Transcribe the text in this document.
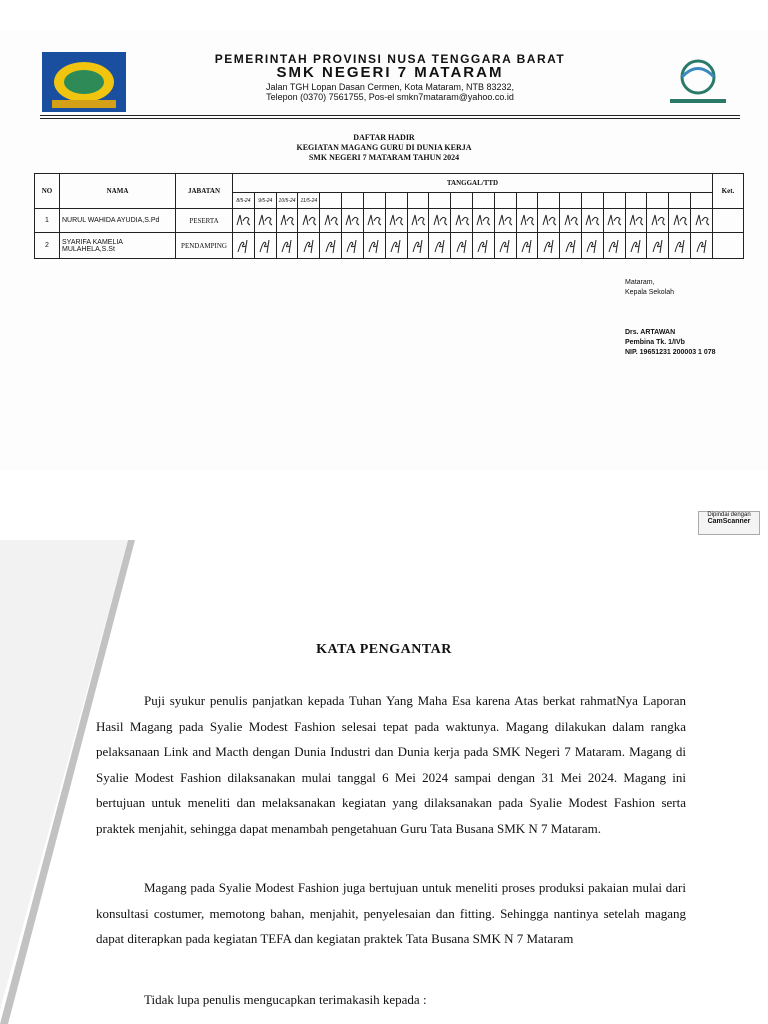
PEMERINTAH PROVINSI NUSA TENGGARA BARAT
SMK NEGERI 7 MATARAM
Jalan TGH Lopan Dasan Cermen, Kota Mataram, NTB 83232,
Telepon (0370) 7561755, Pos-el smkn7mataram@yahoo.co.id
DAFTAR HADIR
KEGIATAN MAGANG GURU DI DUNIA KERJA
SMK NEGERI 7 MATARAM TAHUN 2024
NO	NAMA	JABATAN	TANGGAL/TTD																						Ket.
			8/5-24	9/5-24	10/5-24	11/5-24																			
1	NURUL WAHIDA AYUDIA,S.Pd	PESERTA																							
2	SYARIFA KAMELIA MULAHELA,S.St	PENDAMPING																							
Mataram,
Kepala Sekolah
Drs. ARTAWAN
Pembina Tk. 1/IVb
NIP. 19651231 200003 1 078
Dipindai dengan
CamScanner
KATA PENGANTAR
Puji syukur penulis panjatkan kepada Tuhan Yang Maha Esa karena Atas berkat rahmatNya Laporan Hasil Magang pada Syalie Modest Fashion selesai tepat pada waktunya. Magang dilakukan dalam rangka pelaksanaan Link and Macth dengan Dunia Industri dan Dunia kerja pada SMK Negeri 7 Mataram. Magang di Syalie Modest Fashion dilaksanakan mulai tanggal 6 Mei 2024 sampai dengan 31 Mei 2024. Magang ini bertujuan untuk meneliti dan melaksanakan kegiatan yang dilaksanakan pada Syalie Modest Fashion serta praktek menjahit, sehingga dapat menambah pengetahuan Guru Tata Busana SMK N 7 Mataram.
Magang pada Syalie Modest Fashion juga bertujuan untuk meneliti proses produksi pakaian mulai dari konsultasi costumer, memotong bahan, menjahit, penyelesaian dan fitting. Sehingga nantinya setelah magang dapat diterapkan pada kegiatan TEFA dan kegiatan praktek Tata Busana SMK N 7 Mataram
Tidak lupa penulis mengucapkan terimakasih kepada :
